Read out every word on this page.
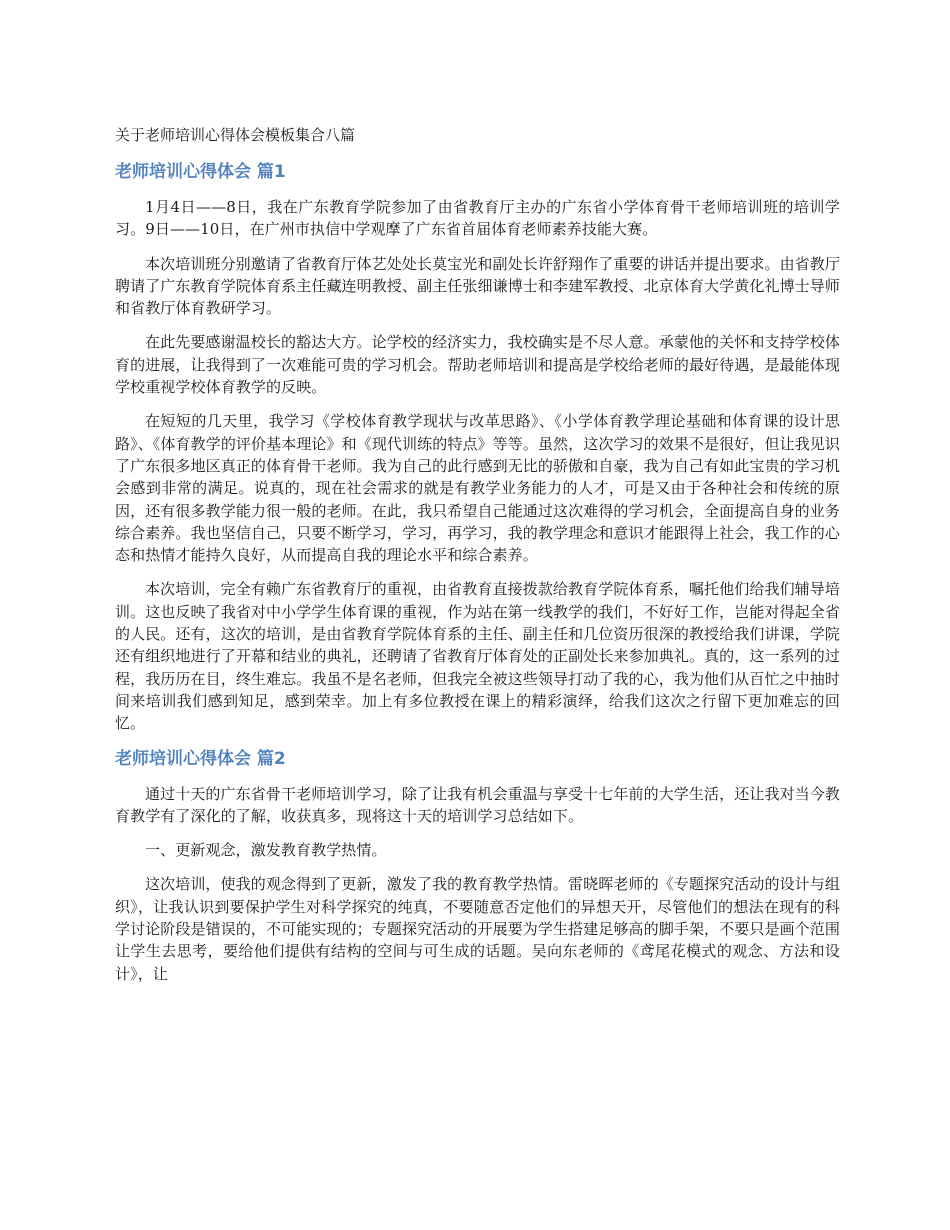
关于老师培训心得体会模板集合八篇
老师培训心得体会 篇1

1月4日——8日，我在广东教育学院参加了由省教育厅主办的广东省小学体育骨干老师培训班的培训学习。9日——10日，在广州市执信中学观摩了广东省首届体育老师素养技能大赛。

本次培训班分别邀请了省教育厅体艺处处长莫宝光和副处长许舒翔作了重要的讲话并提出要求。由省教厅聘请了广东教育学院体育系主任藏连明教授、副主任张细谦博士和李建军教授、北京体育大学黄化礼博士导师和省教厅体育教研学习。

在此先要感谢温校长的豁达大方。论学校的经济实力，我校确实是不尽人意。承蒙他的关怀和支持学校体育的进展，让我得到了一次难能可贵的学习机会。帮助老师培训和提高是学校给老师的最好待遇，是最能体现学校重视学校体育教学的反映。

在短短的几天里，我学习《学校体育教学现状与改革思路》、《小学体育教学理论基础和体育课的设计思路》、《体育教学的评价基本理论》和《现代训练的特点》等等。虽然，这次学习的效果不是很好，但让我见识了广东很多地区真正的体育骨干老师。我为自己的此行感到无比的骄傲和自豪，我为自己有如此宝贵的学习机会感到非常的满足。说真的，现在社会需求的就是有教学业务能力的人才，可是又由于各种社会和传统的原因，还有很多教学能力很一般的老师。在此，我只希望自己能通过这次难得的学习机会，全面提高自身的业务综合素养。我也坚信自己，只要不断学习，学习，再学习，我的教学理念和意识才能跟得上社会，我工作的心态和热情才能持久良好，从而提高自我的理论水平和综合素养。

本次培训，完全有赖广东省教育厅的重视，由省教育直接拨款给教育学院体育系，嘱托他们给我们辅导培训。这也反映了我省对中小学学生体育课的重视，作为站在第一线教学的我们，不好好工作，岂能对得起全省的人民。还有，这次的培训，是由省教育学院体育系的主任、副主任和几位资历很深的教授给我们讲课，学院还有组织地进行了开幕和结业的典礼，还聘请了省教育厅体育处的正副处长来参加典礼。真的，这一系列的过程，我历历在目，终生难忘。我虽不是名老师，但我完全被这些领导打动了我的心，我为他们从百忙之中抽时间来培训我们感到知足，感到荣幸。加上有多位教授在课上的精彩演绎，给我们这次之行留下更加难忘的回忆。

老师培训心得体会 篇2

通过十天的广东省骨干老师培训学习，除了让我有机会重温与享受十七年前的大学生活，还让我对当今教育教学有了深化的了解，收获真多，现将这十天的培训学习总结如下。

一、更新观念，激发教育教学热情。

这次培训，使我的观念得到了更新，激发了我的教育教学热情。雷晓晖老师的《专题探究活动的设计与组织》，让我认识到要保护学生对科学探究的纯真，不要随意否定他们的异想天开，尽管他们的想法在现有的科学讨论阶段是错误的，不可能实现的；专题探究活动的开展要为学生搭建足够高的脚手架，不要只是画个范围让学生去思考，要给他们提供有结构的空间与可生成的话题。吴向东老师的《鸢尾花模式的观念、方法和设计》，让
